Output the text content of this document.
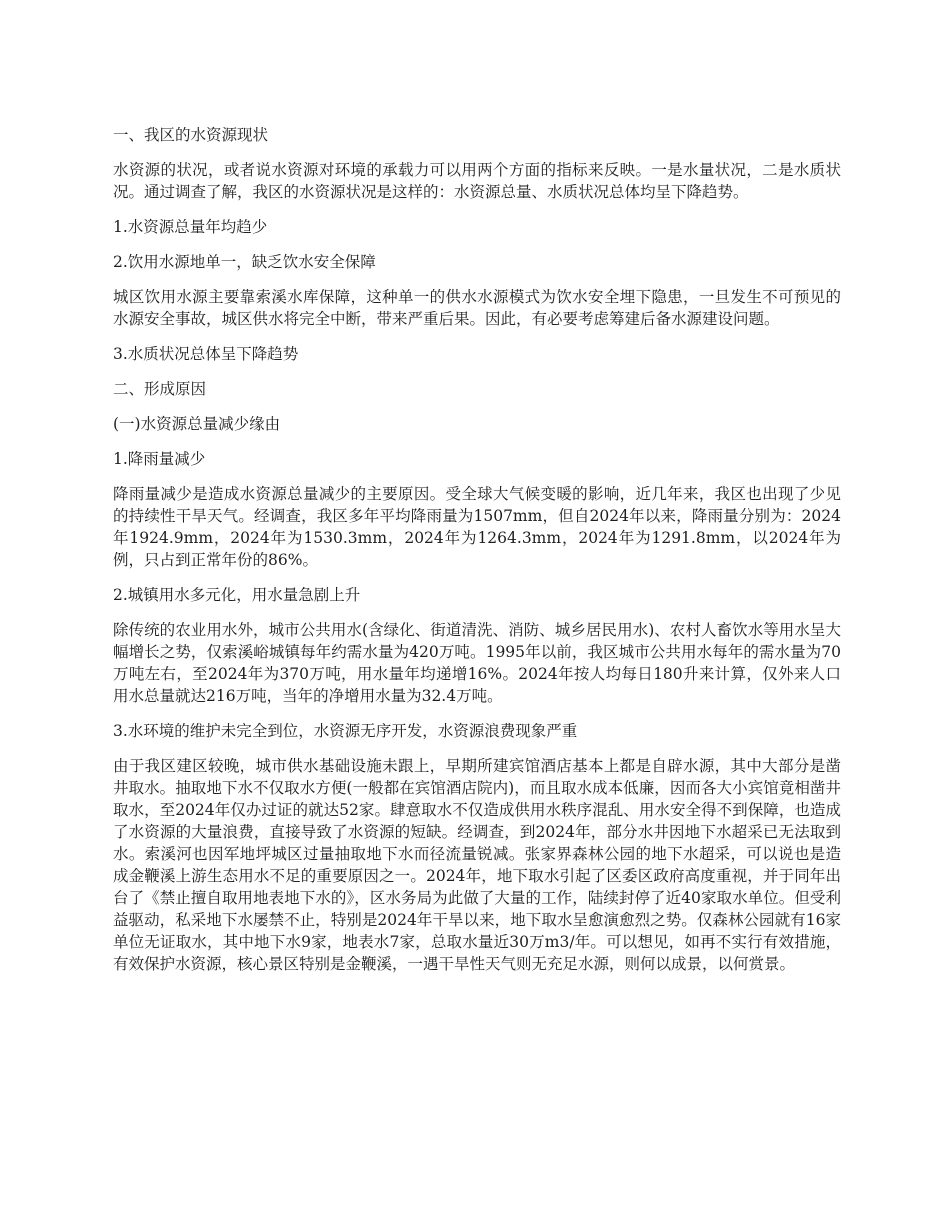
一、我区的水资源现状

水资源的状况，或者说水资源对环境的承载力可以用两个方面的指标来反映。一是水量状况，二是水质状况。通过调查了解，我区的水资源状况是这样的：水资源总量、水质状况总体均呈下降趋势。

1.水资源总量年均趋少

2.饮用水源地单一，缺乏饮水安全保障

城区饮用水源主要靠索溪水库保障，这种单一的供水水源模式为饮水安全埋下隐患，一旦发生不可预见的水源安全事故，城区供水将完全中断，带来严重后果。因此，有必要考虑筹建后备水源建设问题。

3.水质状况总体呈下降趋势

二、形成原因

(一)水资源总量减少缘由

1.降雨量减少

降雨量减少是造成水资源总量减少的主要原因。受全球大气候变暖的影响，近几年来，我区也出现了少见的持续性干旱天气。经调查，我区多年平均降雨量为1507mm，但自2024年以来，降雨量分别为：2024年1924.9mm，2024年为1530.3mm，2024年为1264.3mm，2024年为1291.8mm，以2024年为例，只占到正常年份的86%。

2.城镇用水多元化，用水量急剧上升

除传统的农业用水外，城市公共用水(含绿化、街道清洗、消防、城乡居民用水)、农村人畜饮水等用水呈大幅增长之势，仅索溪峪城镇每年约需水量为420万吨。1995年以前，我区城市公共用水每年的需水量为70万吨左右，至2024年为370万吨，用水量年均递增16%。2024年按人均每日180升来计算，仅外来人口用水总量就达216万吨，当年的净增用水量为32.4万吨。

3.水环境的维护未完全到位，水资源无序开发，水资源浪费现象严重

由于我区建区较晚，城市供水基础设施未跟上，早期所建宾馆酒店基本上都是自辟水源，其中大部分是凿井取水。抽取地下水不仅取水方便(一般都在宾馆酒店院内)，而且取水成本低廉，因而各大小宾馆竟相凿井取水，至2024年仅办过证的就达52家。肆意取水不仅造成供用水秩序混乱、用水安全得不到保障，也造成了水资源的大量浪费，直接导致了水资源的短缺。经调查，到2024年，部分水井因地下水超采已无法取到水。索溪河也因军地坪城区过量抽取地下水而径流量锐减。张家界森林公园的地下水超采，可以说也是造成金鞭溪上游生态用水不足的重要原因之一。2024年，地下取水引起了区委区政府高度重视，并于同年出台了《禁止擅自取用地表地下水的》，区水务局为此做了大量的工作，陆续封停了近40家取水单位。但受利益驱动，私采地下水屡禁不止，特别是2024年干旱以来，地下取水呈愈演愈烈之势。仅森林公园就有16家单位无证取水，其中地下水9家，地表水7家，总取水量近30万m3/年。可以想见，如再不实行有效措施，有效保护水资源，核心景区特别是金鞭溪，一遇干旱性天气则无充足水源，则何以成景，以何赏景。
